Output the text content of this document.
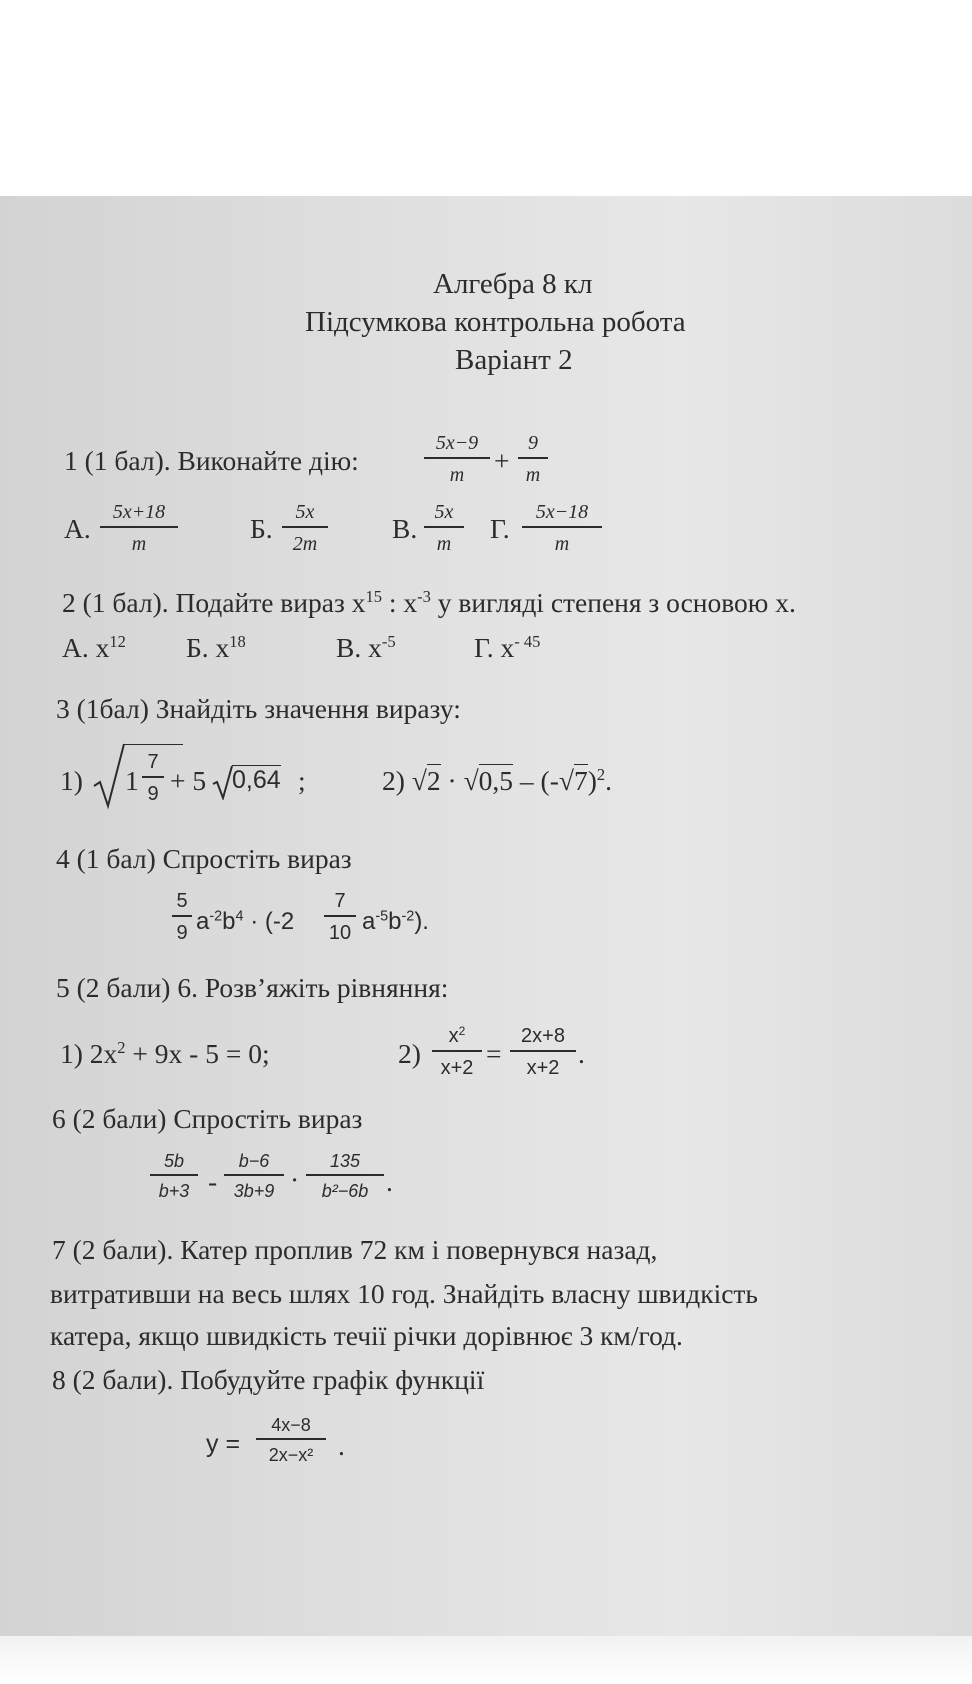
Алгебра 8 кл
Підсумкова контрольна робота
Варіант 2
1 (1 бал). Виконайте дію:
5x−9
m	+
9
m
А.
5x+18
m	Б.
5x
2m	В.
5x
m	Г.
5x−18
m
2 (1 бал). Подайте вираз $x^{15}$ : $x^{-3}$ у вигляді степеня з основою х.
А. $х^{12}$ Б. $х^{18}$	В. $х^{-5}$	Г. $х^{- 45}$
3 (1бал) Знайдіть значення виразу:
1) 1
7
9 + 5 0,64 ;	2) $√2 \cdot √0,5 - (-√7)^2$.
4 (1 бал) Спростіть вираз
5
9 $a^{-2}b^4 \cdot (-2$
7
10 $a^{-5}b^{-2}$).
5 (2 бали) 6. Розв’яжіть рівняння:
1) $2x^2 + 9x - 5 = 0$;	2)
$x^2$
x+2 =
2x+8
x+2 .
6 (2 бали) Спростіть вираз
5b
b+3 -
b−6
3b+9 ·
135
b²−6b .
7 (2 бали). Катер проплив 72 км і повернувся назад,
витративши на весь шлях 10 год. Знайдіть власну швидкість
катера, якщо швидкість течії річки дорівнює 3 км/год.
8 (2 бали). Побудуйте графік функції
y =
4x−8
2x−x² .
